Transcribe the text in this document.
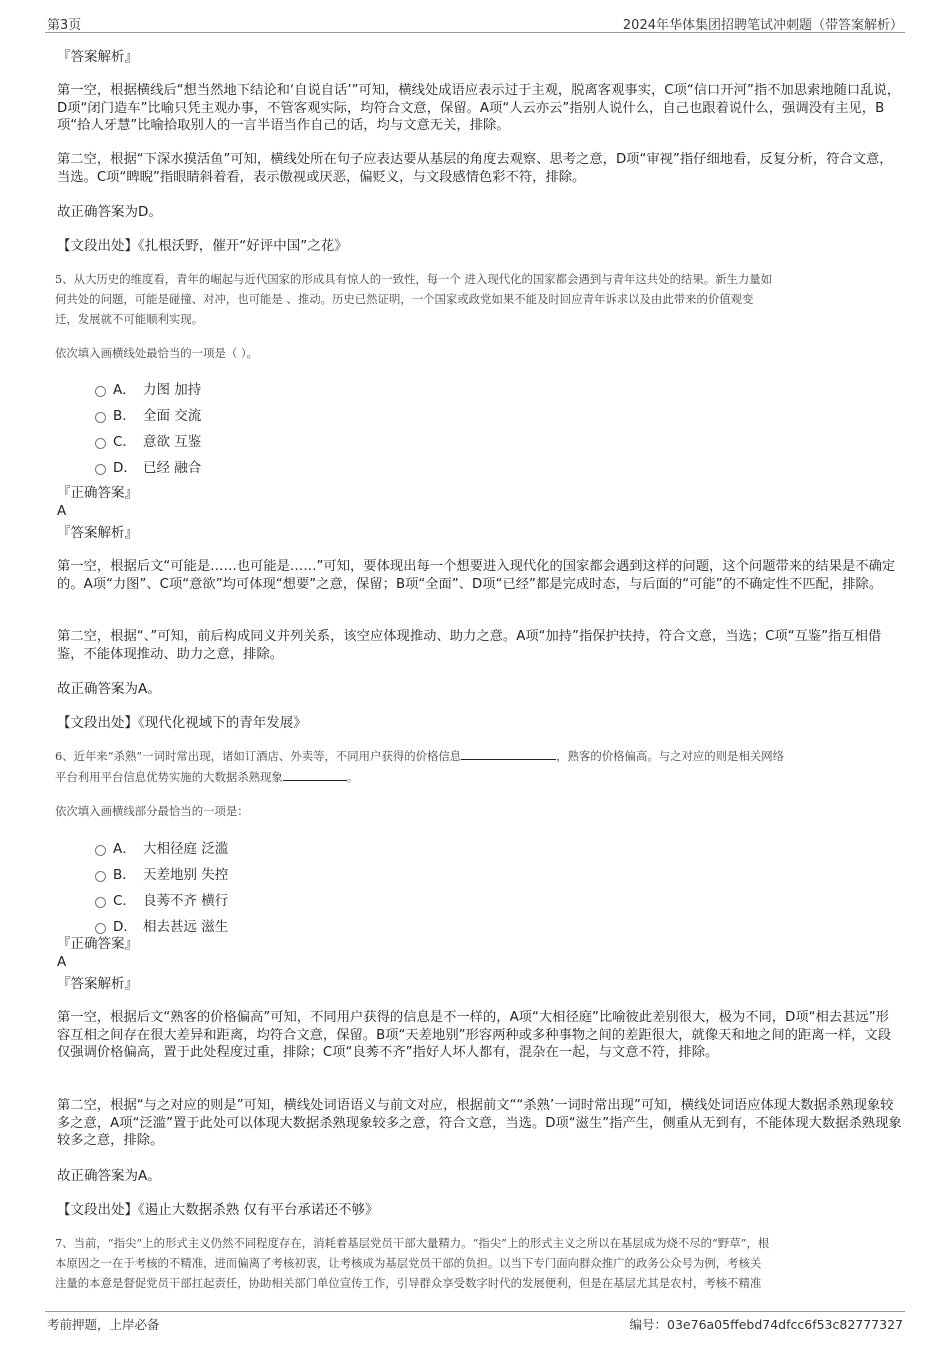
第3页	2024年华体集团招聘笔试冲刺题（带答案解析）
『答案解析』
第一空，根据横线后“想当然地下结论和‘自说自话’”可知，横线处成语应表示过于主观，脱离客观事实，C项“信口开河”指不加思索地随口乱说，D项“闭门造车”比喻只凭主观办事，不管客观实际，均符合文意，保留。A项“人云亦云”指别人说什么，自己也跟着说什么，强调没有主见，B项“拾人牙慧”比喻拾取别人的一言半语当作自己的话，均与文意无关，排除。
第二空，根据“下深水摸活鱼”可知，横线处所在句子应表达要从基层的角度去观察、思考之意，D项“审视”指仔细地看，反复分析，符合文意，当选。C项“睥睨”指眼睛斜着看，表示傲视或厌恶，偏贬义，与文段感情色彩不符，排除。
故正确答案为D。
【文段出处】《扎根沃野，催开“好评中国”之花》
5、从大历史的维度看，青年的崛起与近代国家的形成具有惊人的一致性，每一个 进入现代化的国家都会遇到与青年这共处的结果。新生力量如
何共处的问题，可能是碰撞、对冲，也可能是 、推动。历史已然证明，一个国家或政党如果不能及时回应青年诉求以及由此带来的价值观变
迁，发展就不可能顺利实现。
依次填入画横线处最恰当的一项是（ ）。
A． 力图 加持
B． 全面 交流
C． 意欲 互鉴
D． 已经 融合
『正确答案』
A
『答案解析』
第一空，根据后文“可能是……也可能是……”可知，要体现出每一个想要进入现代化的国家都会遇到这样的问题，这个问题带来的结果是不确定的。A项“力图”、C项“意欲”均可体现“想要”之意，保留；B项“全面”、D项“已经”都是完成时态，与后面的“可能”的不确定性不匹配，排除。
第二空，根据“、”可知，前后构成同义并列关系，该空应体现推动、助力之意。A项“加持”指保护扶持，符合文意，当选；C项“互鉴”指互相借鉴，不能体现推动、助力之意，排除。
故正确答案为A。
【文段出处】《现代化视域下的青年发展》
6、近年来“杀熟”一词时常出现，诸如订酒店、外卖等，不同用户获得的价格信息	，熟客的价格偏高。与之对应的则是相关网络
平台利用平台信息优势实施的大数据杀熟现象	。
依次填入画横线部分最恰当的一项是：
A． 大相径庭 泛滥
B． 天差地别 失控
C． 良莠不齐 横行
D． 相去甚远 滋生
『正确答案』
A
『答案解析』
第一空，根据后文“熟客的价格偏高”可知，不同用户获得的信息是不一样的，A项“大相径庭”比喻彼此差别很大，极为不同，D项“相去甚远”形容互相之间存在很大差异和距离，均符合文意，保留。B项“天差地别”形容两种或多种事物之间的差距很大，就像天和地之间的距离一样，文段仅强调价格偏高，置于此处程度过重，排除；C项“良莠不齐”指好人坏人都有，混杂在一起，与文意不符，排除。
第二空，根据“与之对应的则是”可知，横线处词语语义与前文对应，根据前文““杀熟’一词时常出现”可知，横线处词语应体现大数据杀熟现象较多之意，A项“泛滥”置于此处可以体现大数据杀熟现象较多之意，符合文意，当选。D项“滋生”指产生，侧重从无到有，不能体现大数据杀熟现象较多之意，排除。
故正确答案为A。
【文段出处】《遏止大数据杀熟 仅有平台承诺还不够》
7、当前，“指尖”上的形式主义仍然不同程度存在，消耗着基层党员干部大量精力。“指尖”上的形式主义之所以在基层成为烧不尽的“野草”，根
本原因之一在于考核的不精准，进而偏离了考核初衷，让考核成为基层党员干部的负担。以当下专门面向群众推广的政务公众号为例，考核关
注量的本意是督促党员干部扛起责任，协助相关部门单位宣传工作，引导群众享受数字时代的发展便利，但是在基层尤其是农村，考核不精准
考前押题，上岸必备	编号：03e76a05ffebd74dfcc6f53c82777327
